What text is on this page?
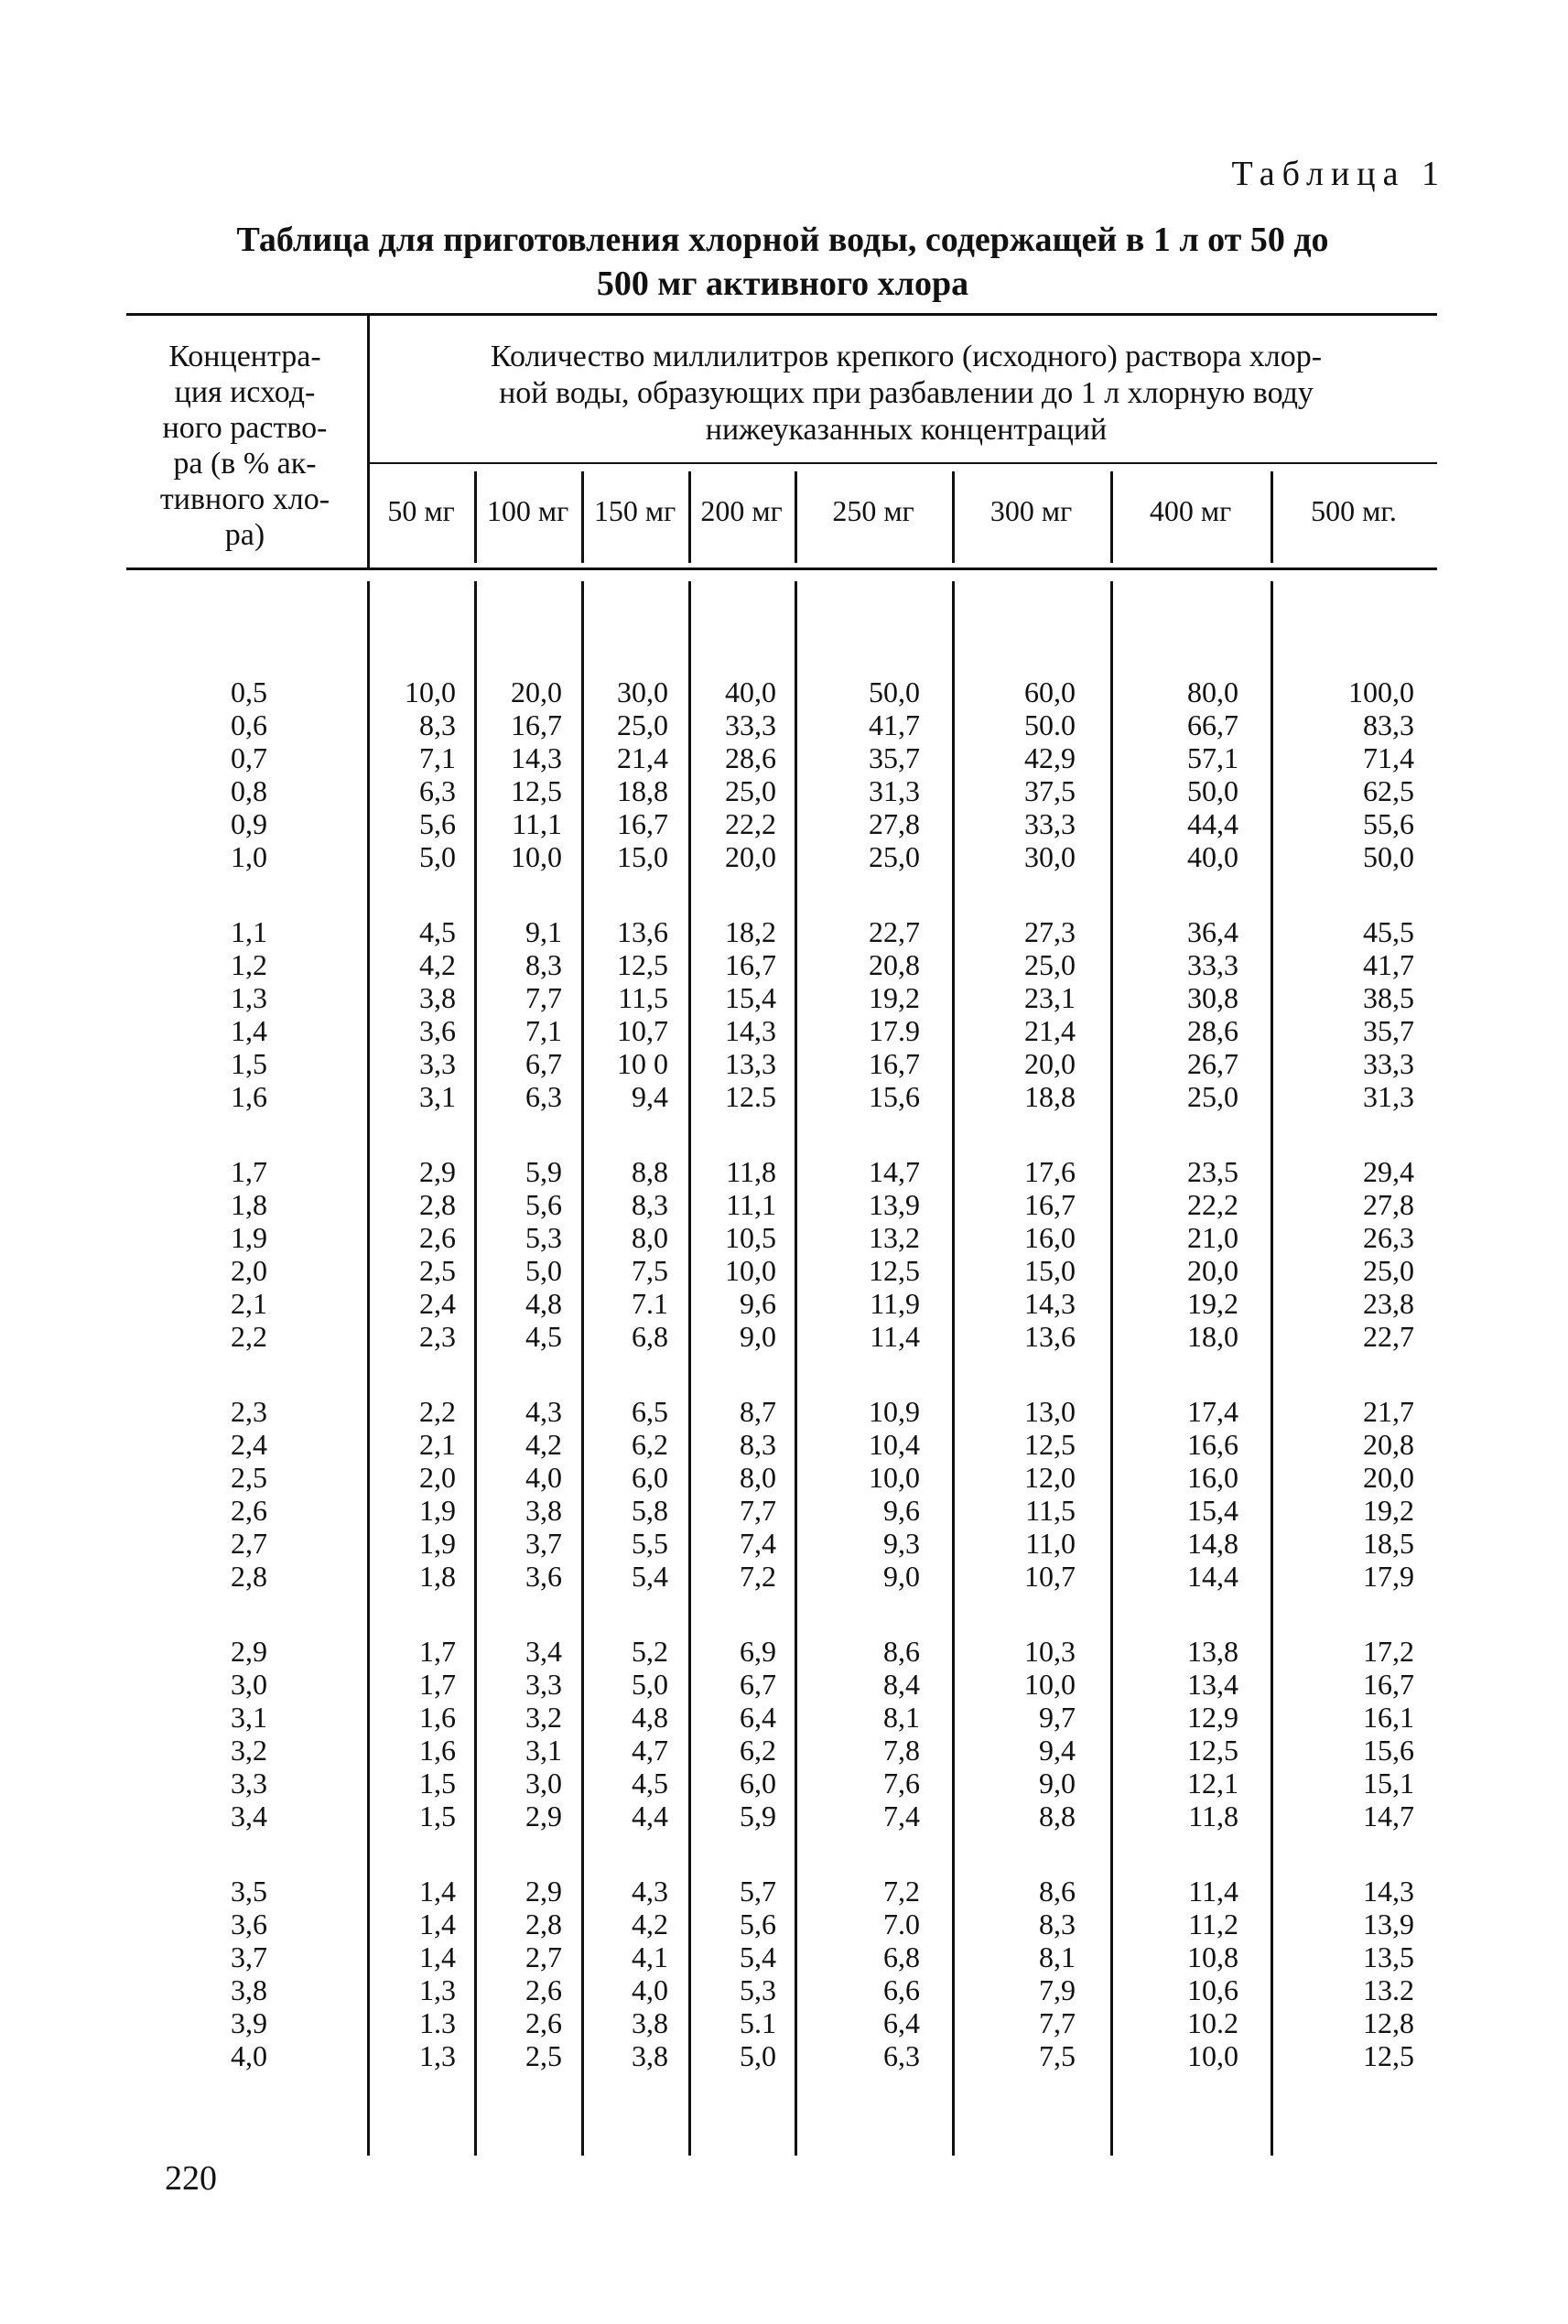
Таблица 1
Таблица для приготовления хлорной воды, содержащей в 1 л от 50 до
500 мг активного хлора
Концентра-
ция исход-
ного раство-
ра (в % ак-
тивного хло-
ра)
Количество миллилитров крепкого (исходного) раствора хлор-
ной воды, образующих при разбавлении до 1 л хлорную воду
нижеуказанных концентраций
50 мг	100 мг 150 мг 200 мг	250 мг	300 мг	400 мг	500 мг.
0,5	10,0	20,0	30,0	40,0	50,0	60,0	80,0	100,0
0,6	8,3	16,7	25,0	33,3	41,7	50.0	66,7	83,3
0,7	7,1	14,3	21,4	28,6	35,7	42,9	57,1	71,4
0,8	6,3	12,5	18,8	25,0	31,3	37,5	50,0	62,5
0,9	5,6	11,1	16,7	22,2	27,8	33,3	44,4	55,6
1,0	5,0	10,0	15,0	20,0	25,0	30,0	40,0	50,0
1,1	4,5	9,1	13,6	18,2	22,7	27,3	36,4	45,5
1,2	4,2	8,3	12,5	16,7	20,8	25,0	33,3	41,7
1,3	3,8	7,7	11,5	15,4	19,2	23,1	30,8	38,5
1,4	3,6	7,1	10,7	14,3	17.9	21,4	28,6	35,7
1,5	3,3	6,7	10 0	13,3	16,7	20,0	26,7	33,3
1,6	3,1	6,3	9,4	12.5	15,6	18,8	25,0	31,3
1,7	2,9	5,9	8,8	11,8	14,7	17,6	23,5	29,4
1,8	2,8	5,6	8,3	11,1	13,9	16,7	22,2	27,8
1,9	2,6	5,3	8,0	10,5	13,2	16,0	21,0	26,3
2,0	2,5	5,0	7,5	10,0	12,5	15,0	20,0	25,0
2,1	2,4	4,8	7.1	9,6	11,9	14,3	19,2	23,8
2,2	2,3	4,5	6,8	9,0	11,4	13,6	18,0	22,7
2,3	2,2	4,3	6,5	8,7	10,9	13,0	17,4	21,7
2,4	2,1	4,2	6,2	8,3	10,4	12,5	16,6	20,8
2,5	2,0	4,0	6,0	8,0	10,0	12,0	16,0	20,0
2,6	1,9	3,8	5,8	7,7	9,6	11,5	15,4	19,2
2,7	1,9	3,7	5,5	7,4	9,3	11,0	14,8	18,5
2,8	1,8	3,6	5,4	7,2	9,0	10,7	14,4	17,9
2,9	1,7	3,4	5,2	6,9	8,6	10,3	13,8	17,2
3,0	1,7	3,3	5,0	6,7	8,4	10,0	13,4	16,7
3,1	1,6	3,2	4,8	6,4	8,1	9,7	12,9	16,1
3,2	1,6	3,1	4,7	6,2	7,8	9,4	12,5	15,6
3,3	1,5	3,0	4,5	6,0	7,6	9,0	12,1	15,1
3,4	1,5	2,9	4,4	5,9	7,4	8,8	11,8	14,7
3,5	1,4	2,9	4,3	5,7	7,2	8,6	11,4	14,3
3,6	1,4	2,8	4,2	5,6	7.0	8,3	11,2	13,9
3,7	1,4	2,7	4,1	5,4	6,8	8,1	10,8	13,5
3,8	1,3	2,6	4,0	5,3	6,6	7,9	10,6	13.2
3,9	1.3	2,6	3,8	5.1	6,4	7,7	10.2	12,8
4,0	1,3	2,5	3,8	5,0	6,3	7,5	10,0	12,5
220
